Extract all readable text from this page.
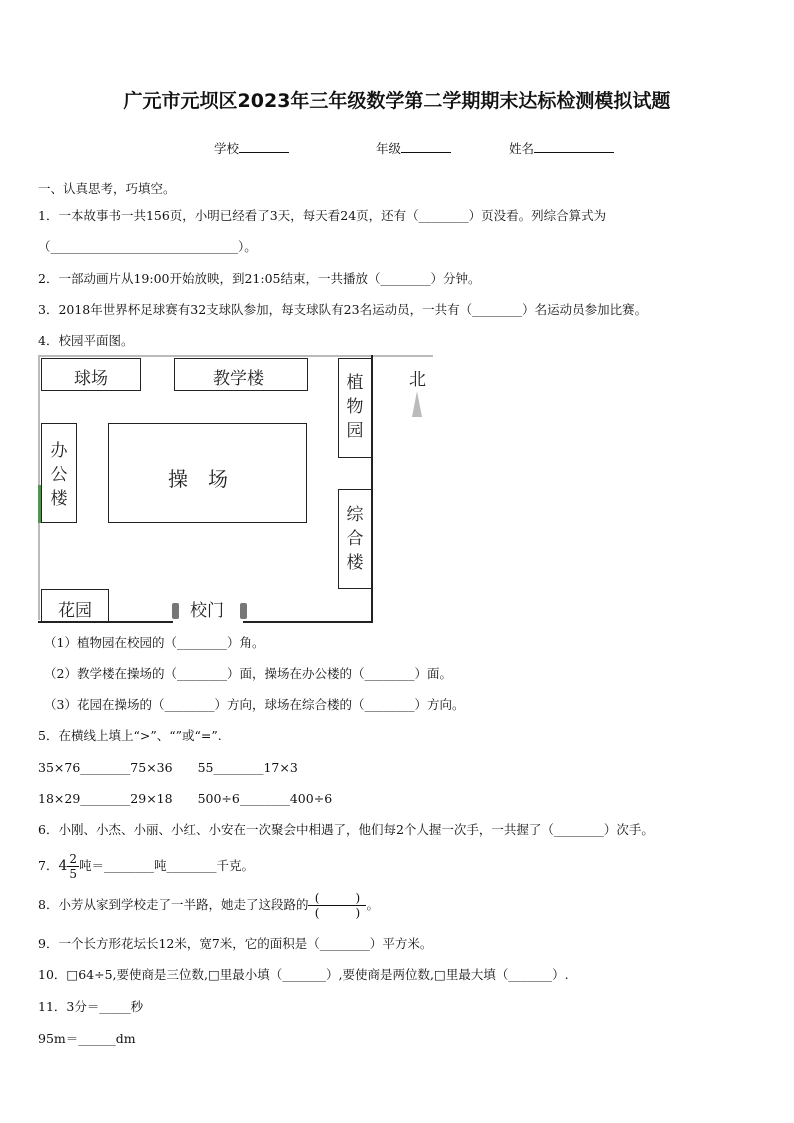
广元市元坝区2023年三年级数学第二学期期末达标检测模拟试题
学校	年级	姓名
一、认真思考，巧填空。
1．一本故事书一共156页，小明已经看了3天，每天看24页，还有（________）页没看。列综合算式为
（______________________________）。
2．一部动画片从19:00开始放映，到21:05结束，一共播放（________）分钟。
3．2018年世界杯足球赛有32支球队参加，每支球队有23名运动员，一共有（________）名运动员参加比赛。
4．校园平面图。
球场	教学楼	植物园
北
办公楼
操　场
综合楼
花园	校门
（1）植物园在校园的（________）角。
（2）教学楼在操场的（________）面，操场在办公楼的（________）面。
（3）花园在操场的（________）方向，球场在综合楼的（________）方向。
5．在横线上填上“>”、“”或“=”.
35×76________75×36　　55________17×3
18×29________29×18　　500÷6________400÷6
6．小刚、小杰、小丽、小红、小安在一次聚会中相遇了，他们每2个人握一次手，一共握了（________）次手。
7．$4 \frac{2}{5}$ 吨＝________吨________千克。
8．小芳从家到学校走了一半路，她走了这段路的 $\frac{( )}{( )}$ 。
9．一个长方形花坛长12米，宽7米，它的面积是（________）平方米。
10．□64÷5,要使商是三位数,□里最小填（_______）,要使商是两位数,□里最大填（_______）.
11．3分＝_____秒
95m＝______dm
